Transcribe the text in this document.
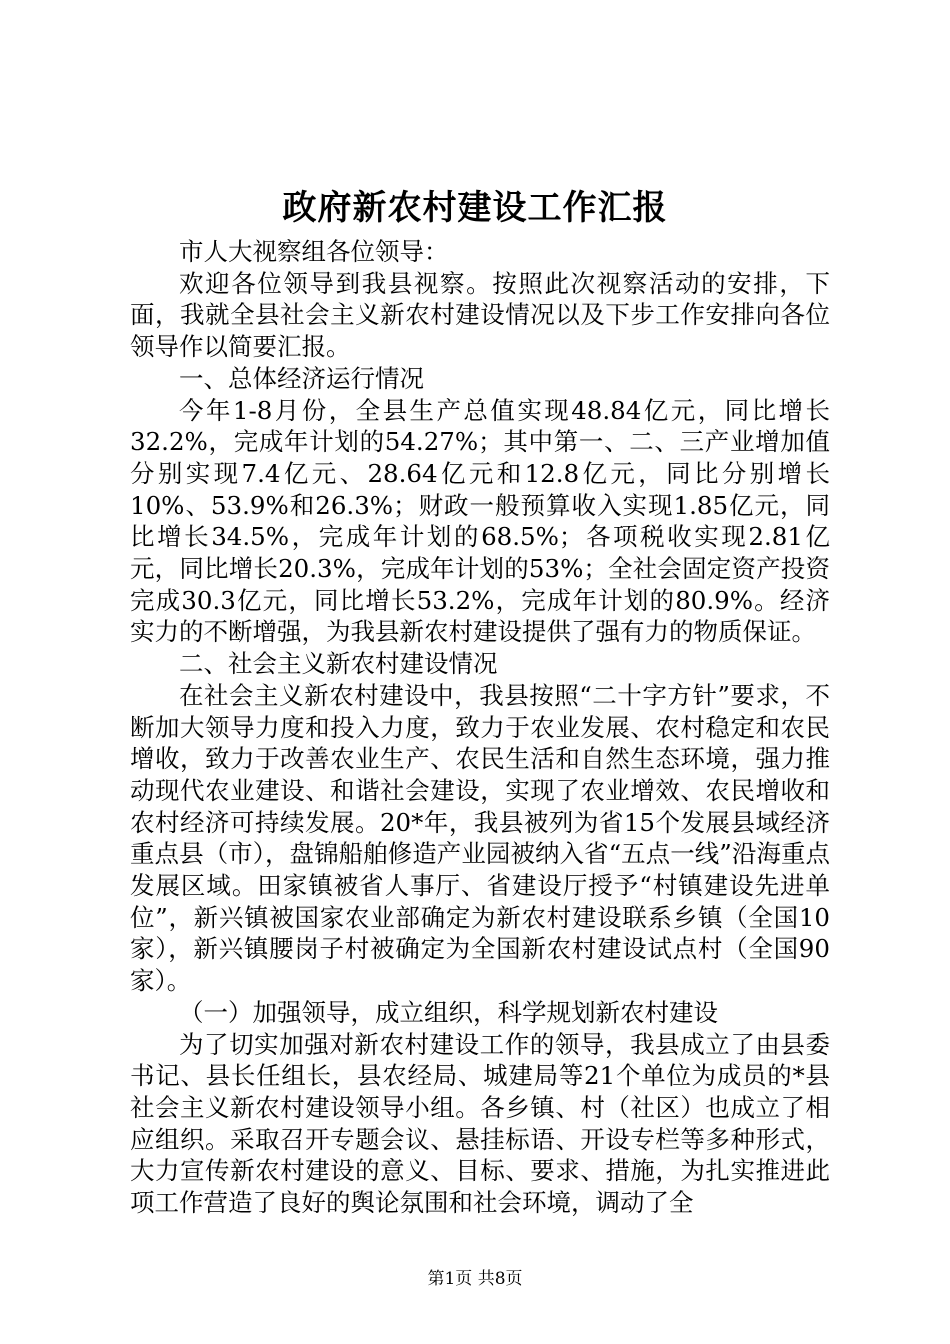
政府新农村建设工作汇报

市人大视察组各位领导：

欢迎各位领导到我县视察。按照此次视察活动的安排，下面，我就全县社会主义新农村建设情况以及下步工作安排向各位领导作以简要汇报。

一、总体经济运行情况

今年1-8月份，全县生产总值实现48.84亿元，同比增长32.2%，完成年计划的54.27%；其中第一、二、三产业增加值分别实现7.4亿元、28.64亿元和12.8亿元，同比分别增长10%、53.9%和26.3%；财政一般预算收入实现1.85亿元，同比增长34.5%，完成年计划的68.5%；各项税收实现2.81亿元，同比增长20.3%，完成年计划的53%；全社会固定资产投资完成30.3亿元，同比增长53.2%，完成年计划的80.9%。经济实力的不断增强，为我县新农村建设提供了强有力的物质保证。

二、社会主义新农村建设情况

在社会主义新农村建设中，我县按照“二十字方针”要求，不断加大领导力度和投入力度，致力于农业发展、农村稳定和农民增收，致力于改善农业生产、农民生活和自然生态环境，强力推动现代农业建设、和谐社会建设，实现了农业增效、农民增收和农村经济可持续发展。20*年，我县被列为省15个发展县域经济重点县（市），盘锦船舶修造产业园被纳入省“五点一线”沿海重点发展区域。田家镇被省人事厅、省建设厅授予“村镇建设先进单位”，新兴镇被国家农业部确定为新农村建设联系乡镇（全国10家），新兴镇腰岗子村被确定为全国新农村建设试点村（全国90家）。

（一）加强领导，成立组织，科学规划新农村建设

为了切实加强对新农村建设工作的领导，我县成立了由县委书记、县长任组长，县农经局、城建局等21个单位为成员的*县社会主义新农村建设领导小组。各乡镇、村（社区）也成立了相应组织。采取召开专题会议、悬挂标语、开设专栏等多种形式，大力宣传新农村建设的意义、目标、要求、措施，为扎实推进此项工作营造了良好的舆论氛围和社会环境，调动了全

第1页 共8页
